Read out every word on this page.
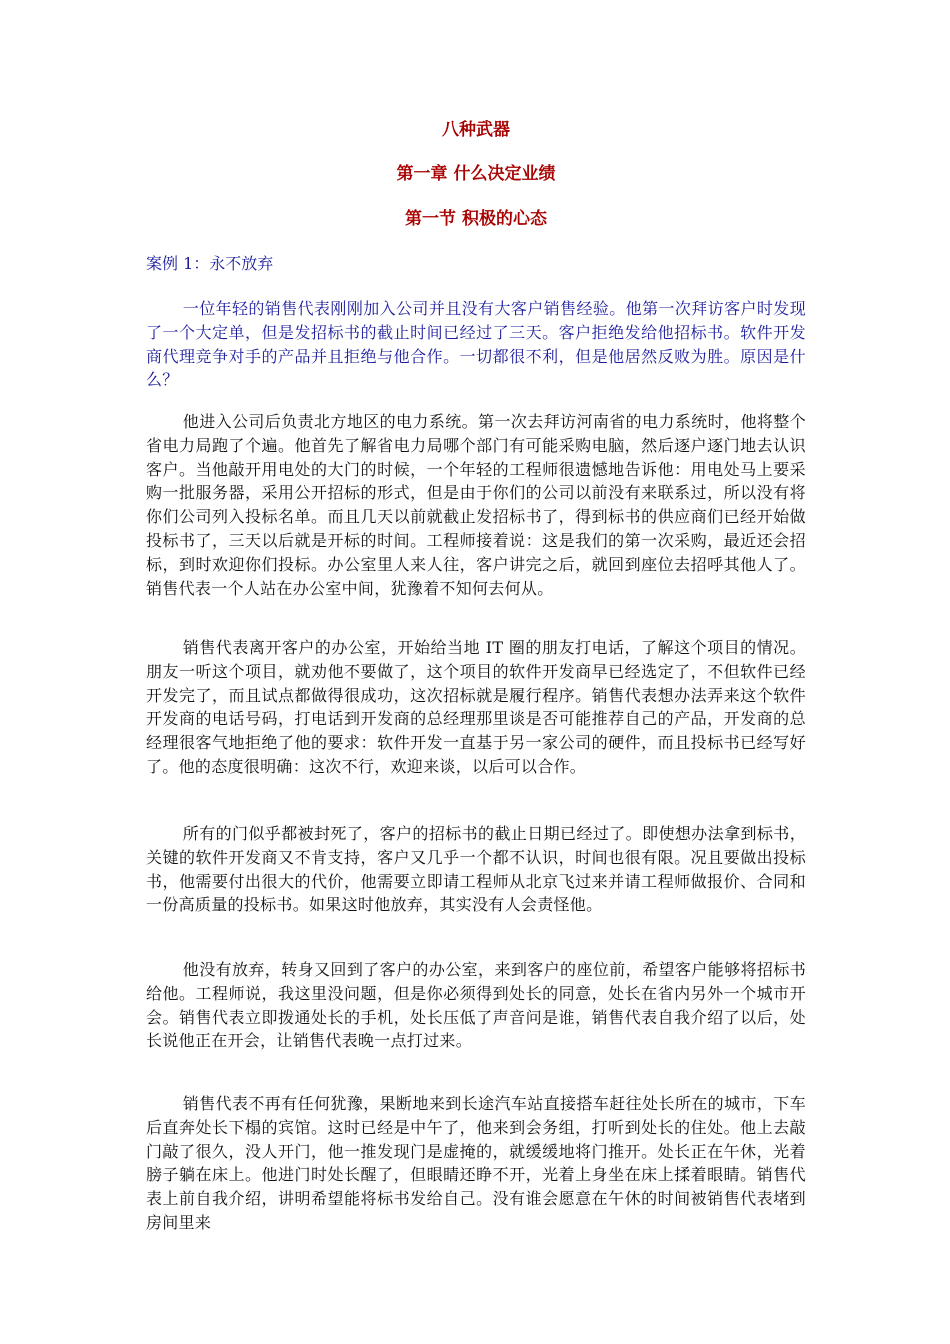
八种武器
第一章 什么决定业绩
第一节 积极的心态

案例 1：永不放弃

一位年轻的销售代表刚刚加入公司并且没有大客户销售经验。他第一次拜访客户时发现了一个大定单，但是发招标书的截止时间已经过了三天。客户拒绝发给他招标书。软件开发商代理竞争对手的产品并且拒绝与他合作。一切都很不利，但是他居然反败为胜。原因是什么？

他进入公司后负责北方地区的电力系统。第一次去拜访河南省的电力系统时，他将整个省电力局跑了个遍。他首先了解省电力局哪个部门有可能采购电脑，然后逐户逐门地去认识客户。当他敲开用电处的大门的时候，一个年轻的工程师很遗憾地告诉他：用电处马上要采购一批服务器，采用公开招标的形式，但是由于你们的公司以前没有来联系过，所以没有将你们公司列入投标名单。而且几天以前就截止发招标书了，得到标书的供应商们已经开始做投标书了，三天以后就是开标的时间。工程师接着说：这是我们的第一次采购，最近还会招标，到时欢迎你们投标。办公室里人来人往，客户讲完之后，就回到座位去招呼其他人了。销售代表一个人站在办公室中间，犹豫着不知何去何从。

销售代表离开客户的办公室，开始给当地 IT 圈的朋友打电话，了解这个项目的情况。朋友一听这个项目，就劝他不要做了，这个项目的软件开发商早已经选定了，不但软件已经开发完了，而且试点都做得很成功，这次招标就是履行程序。销售代表想办法弄来这个软件开发商的电话号码，打电话到开发商的总经理那里谈是否可能推荐自己的产品，开发商的总经理很客气地拒绝了他的要求：软件开发一直基于另一家公司的硬件，而且投标书已经写好了。他的态度很明确：这次不行，欢迎来谈，以后可以合作。

所有的门似乎都被封死了，客户的招标书的截止日期已经过了。即使想办法拿到标书，关键的软件开发商又不肯支持，客户又几乎一个都不认识，时间也很有限。况且要做出投标书，他需要付出很大的代价，他需要立即请工程师从北京飞过来并请工程师做报价、合同和一份高质量的投标书。如果这时他放弃，其实没有人会责怪他。

他没有放弃，转身又回到了客户的办公室，来到客户的座位前，希望客户能够将招标书给他。工程师说，我这里没问题，但是你必须得到处长的同意，处长在省内另外一个城市开会。销售代表立即拨通处长的手机，处长压低了声音问是谁，销售代表自我介绍了以后，处长说他正在开会，让销售代表晚一点打过来。

销售代表不再有任何犹豫，果断地来到长途汽车站直接搭车赶往处长所在的城市，下车后直奔处长下榻的宾馆。这时已经是中午了，他来到会务组，打听到处长的住处。他上去敲门敲了很久，没人开门，他一推发现门是虚掩的，就缓缓地将门推开。处长正在午休，光着膀子躺在床上。他进门时处长醒了，但眼睛还睁不开，光着上身坐在床上揉着眼睛。销售代表上前自我介绍，讲明希望能将标书发给自己。没有谁会愿意在午休的时间被销售代表堵到房间里来
